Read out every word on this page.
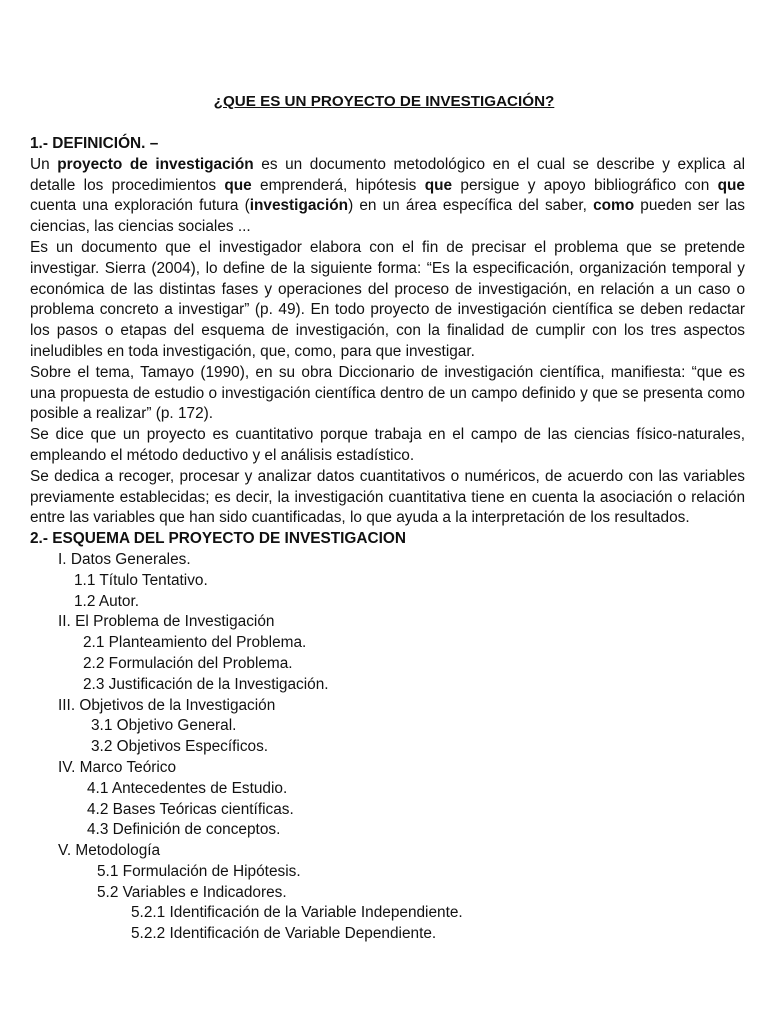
¿QUE ES UN PROYECTO DE INVESTIGACIÓN?

1.- DEFINICIÓN. –

Un proyecto de investigación es un documento metodológico en el cual se describe y explica al detalle los procedimientos que emprenderá, hipótesis que persigue y apoyo bibliográfico con que cuenta una exploración futura (investigación) en un área específica del saber, como pueden ser las ciencias, las ciencias sociales ...

Es un documento que el investigador elabora con el fin de precisar el problema que se pretende investigar. Sierra (2004), lo define de la siguiente forma: “Es la especificación, organización temporal y económica de las distintas fases y operaciones del proceso de investigación, en relación a un caso o problema concreto a investigar” (p. 49). En todo proyecto de investigación científica se deben redactar los pasos o etapas del esquema de investigación, con la finalidad de cumplir con los tres aspectos ineludibles en toda investigación, que, como, para que investigar.

Sobre el tema, Tamayo (1990), en su obra Diccionario de investigación científica, manifiesta: “que es una propuesta de estudio o investigación científica dentro de un campo definido y que se presenta como posible a realizar” (p. 172).

Se dice que un proyecto es cuantitativo porque trabaja en el campo de las ciencias físico-naturales, empleando el método deductivo y el análisis estadístico.

Se dedica a recoger, procesar y analizar datos cuantitativos o numéricos, de acuerdo con las variables previamente establecidas; es decir, la investigación cuantitativa tiene en cuenta la asociación o relación entre las variables que han sido cuantificadas, lo que ayuda a la interpretación de los resultados.

2.- ESQUEMA DEL PROYECTO DE INVESTIGACION

I. Datos Generales.
1.1 Título Tentativo.
1.2 Autor.
II. El Problema de Investigación
2.1 Planteamiento del Problema.
2.2 Formulación del Problema.
2.3 Justificación de la Investigación.
III. Objetivos de la Investigación
3.1 Objetivo General.
3.2 Objetivos Específicos.
IV. Marco Teórico
4.1 Antecedentes de Estudio.
4.2 Bases Teóricas científicas.
4.3 Definición de conceptos.
V. Metodología
5.1 Formulación de Hipótesis.
5.2 Variables e Indicadores.
5.2.1 Identificación de la Variable Independiente.
5.2.2 Identificación de Variable Dependiente.
